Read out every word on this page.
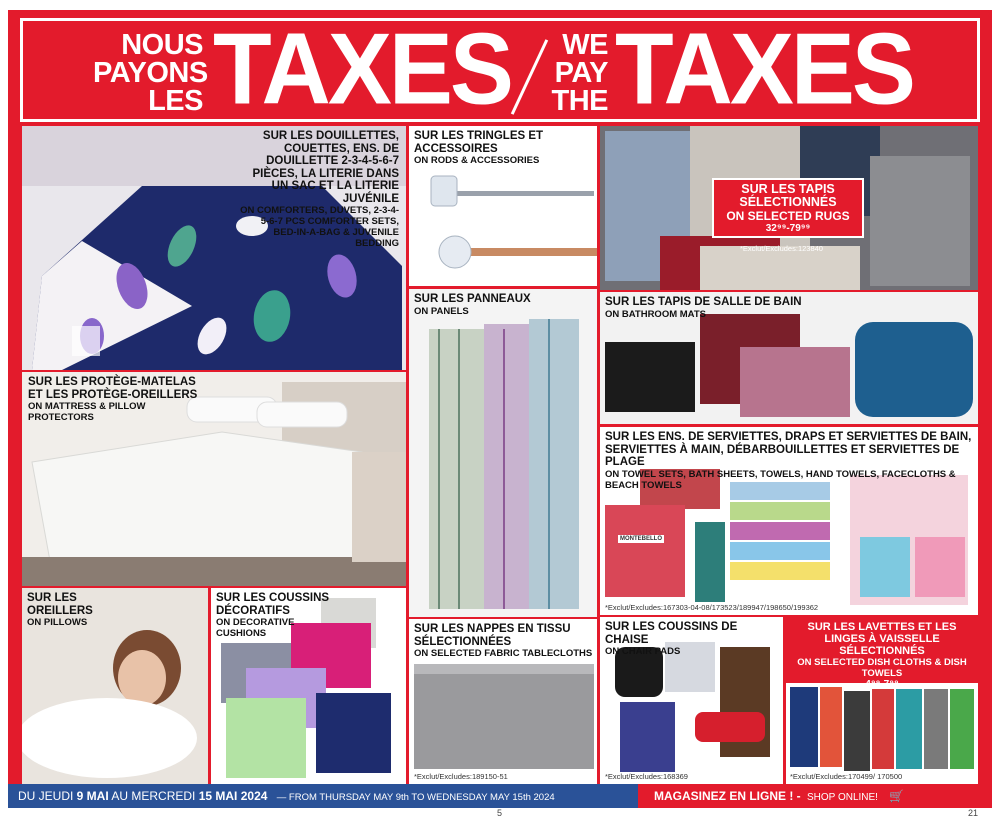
NOUS
PAYONS
LES TAXES	WE
PAY
THE TAXES
SUR LES DOUILLETTES, COUETTES, ENS. DE DOUILLETTE 2-3-4-5-6-7 PIÈCES, LA LITERIE DANS UN SAC ET LA LITERIE JUVÉNILE
ON COMFORTERS, DUVETS, 2-3-4-5-6-7 PCS COMFORTER SETS, BED-IN-A-BAG & JUVENILE BEDDING
SUR LES TRINGLES ET ACCESSOIRES
ON RODS & ACCESSORIES
SUR LES TAPIS SÉLECTIONNÉS
ON SELECTED RUGS
32⁹⁹-79⁹⁹
*Exclut/Excludes:123840
SUR LES PROTÈGE-MATELAS ET LES PROTÈGE-OREILLERS
ON MATTRESS & PILLOW PROTECTORS
SUR LES PANNEAUX
ON PANELS
SUR LES TAPIS DE SALLE DE BAIN
ON BATHROOM MATS
SUR LES ENS. DE SERVIETTES, DRAPS ET SERVIETTES DE BAIN, SERVIETTES À MAIN, DÉBARBOUILLETTES ET SERVIETTES DE PLAGE
ON TOWEL SETS, BATH SHEETS, TOWELS, HAND TOWELS, FACECLOTHS & BEACH TOWELS
MONTEBELLO
*Exclut/Excludes:167303-04-08/173523/189947/198650/199362
SUR LES OREILLERS
ON PILLOWS
SUR LES COUSSINS DÉCORATIFS
ON DECORATIVE CUSHIONS	SUR LES NAPPES EN TISSU SÉLECTIONNÉES
ON SELECTED FABRIC TABLECLOTHS
*Exclut/Excludes:189150-51
SUR LES COUSSINS DE CHAISE
ON CHAIR PADS
*Exclut/Excludes:168369
SUR LES LAVETTES ET LES LINGES À VAISSELLE SÉLECTIONNÉS
ON SELECTED DISH CLOTHS & DISH TOWELS
*Exclut/Excludes:170499/ 170500
DU JEUDI 9 MAI AU MERCREDI 15 MAI 2024 — FROM THURSDAY MAY 9th TO WEDNESDAY MAY 15th 2024	MAGASINEZ EN LIGNE ! - SHOP ONLINE! 🛒 WWW.ROSSY.CA
5	21
